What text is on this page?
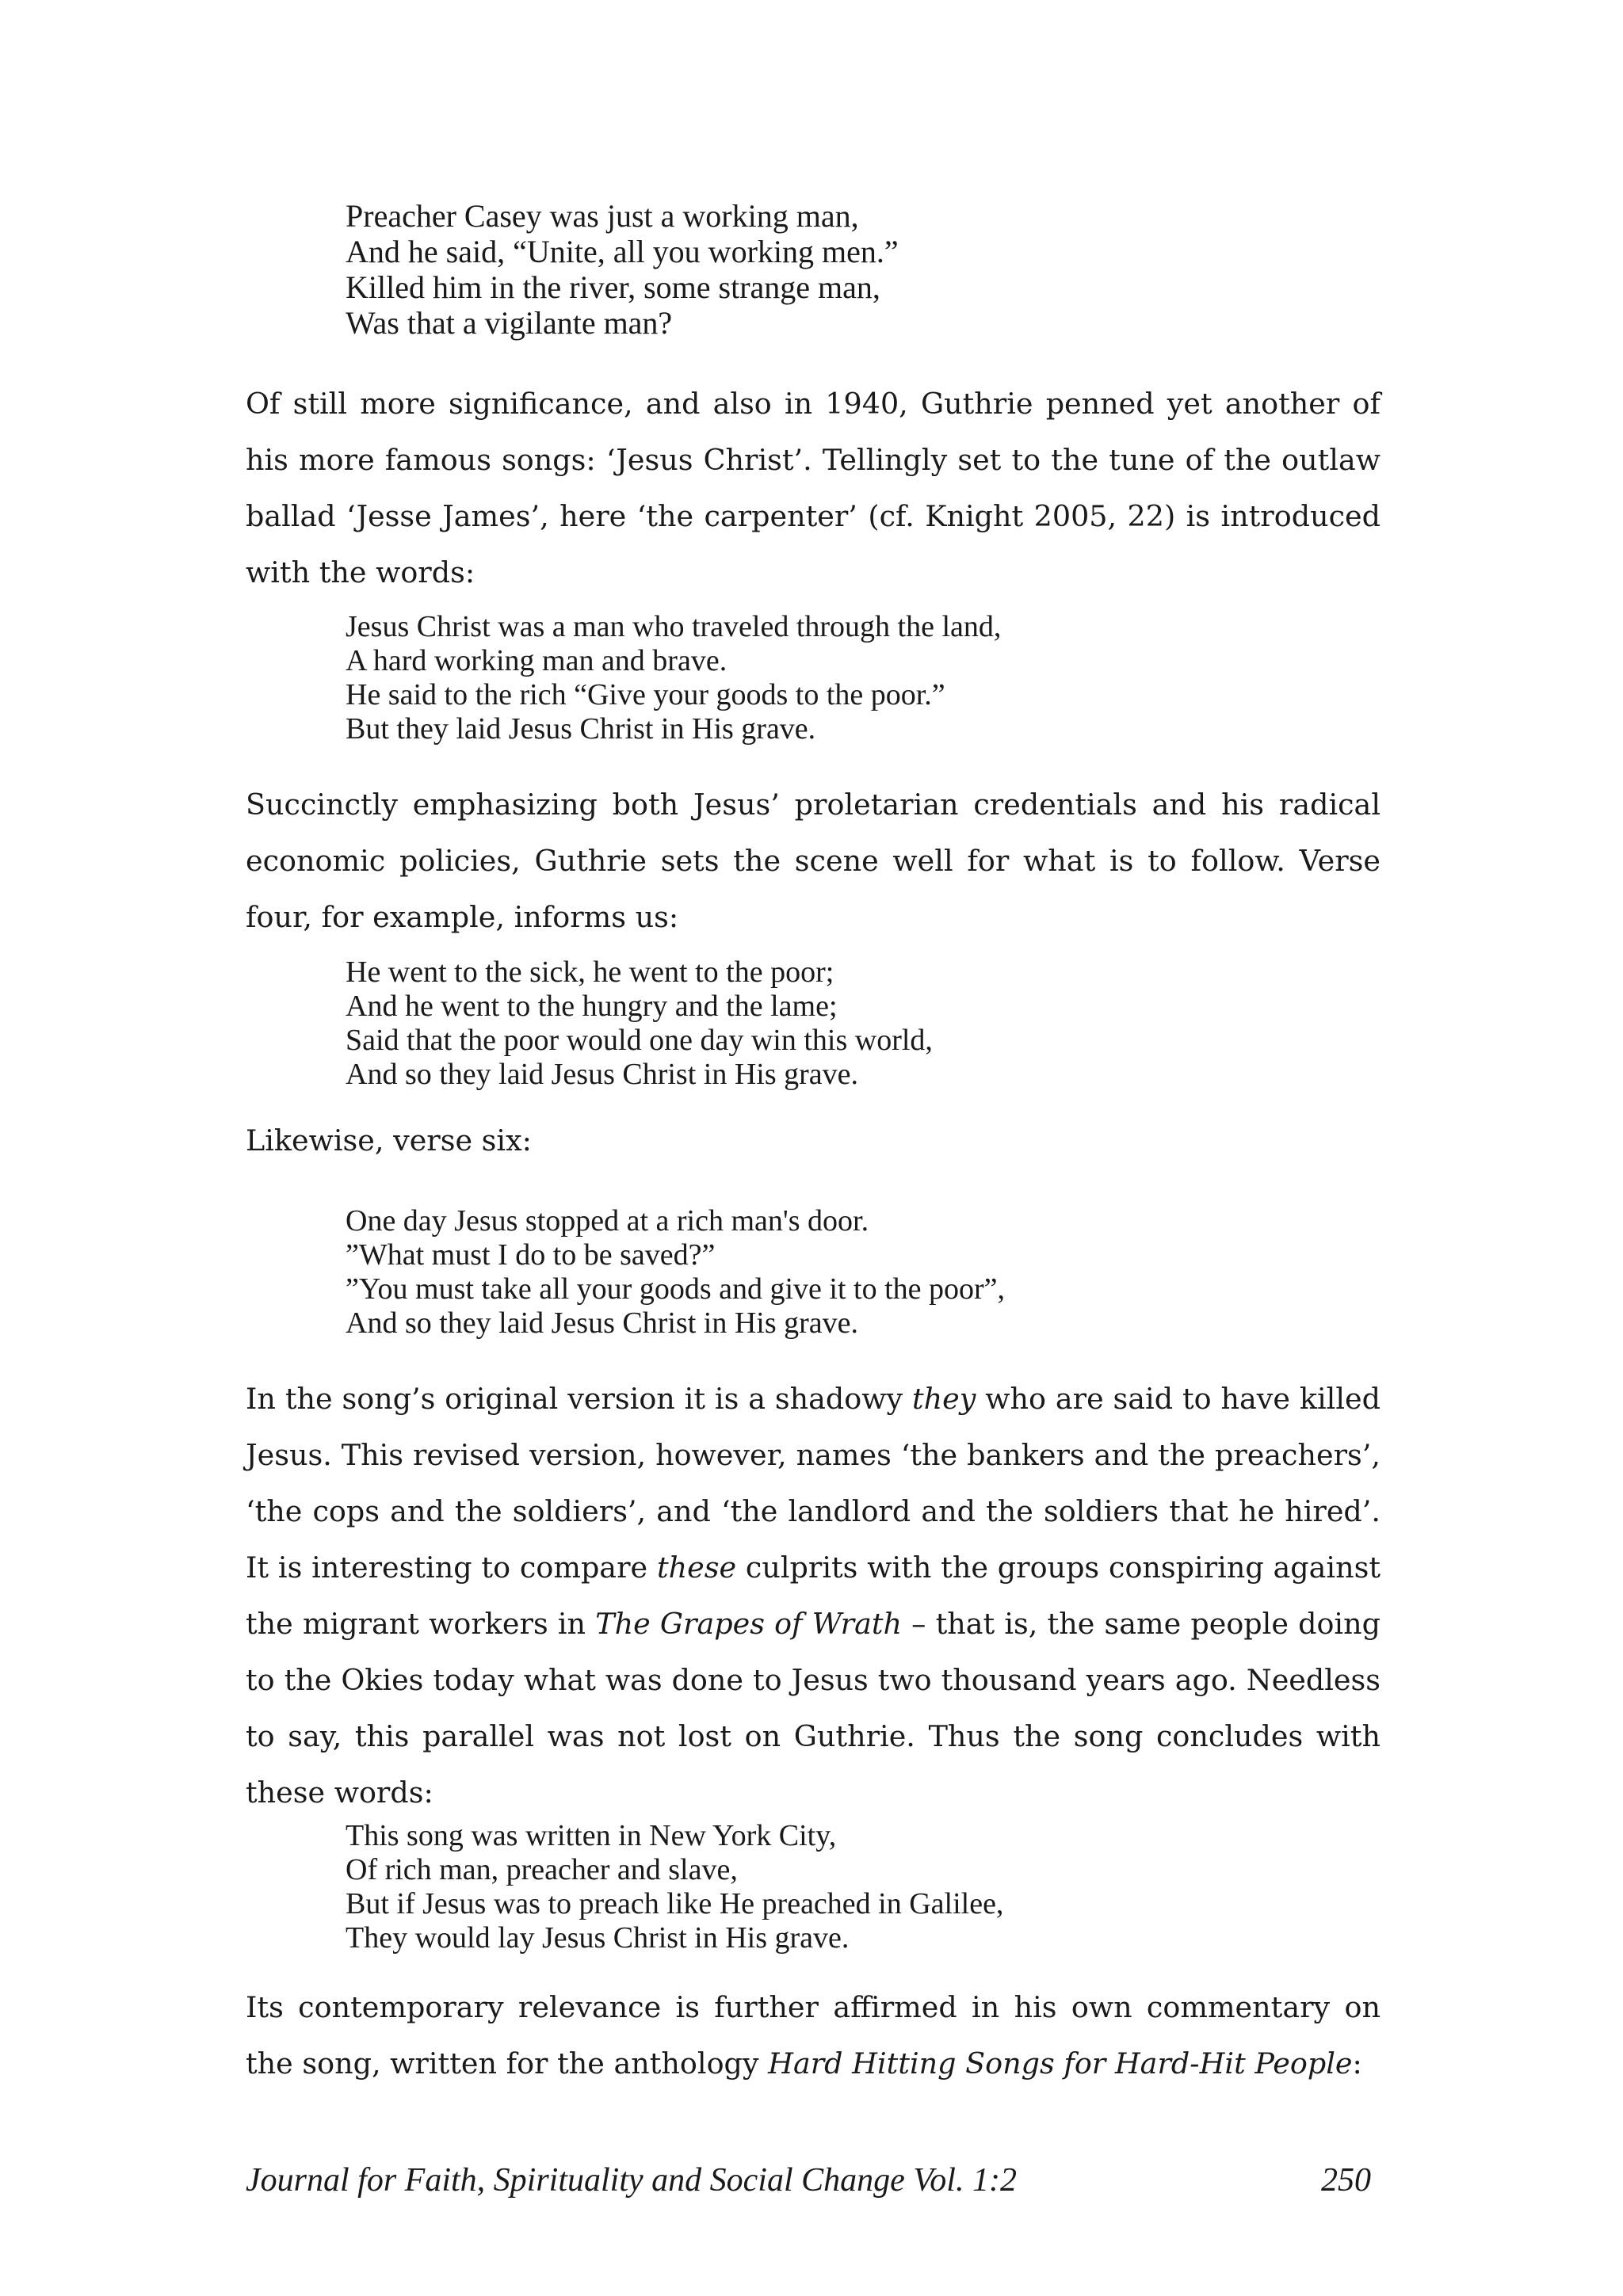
Preacher Casey was just a working man,
And he said, “Unite, all you working men.”
Killed him in the river, some strange man,
Was that a vigilante man?

Of still more significance, and also in 1940, Guthrie penned yet another of his more famous songs: ‘Jesus Christ’. Tellingly set to the tune of the outlaw ballad ‘Jesse James’, here ‘the carpenter’ (cf. Knight 2005, 22) is introduced with the words:

Jesus Christ was a man who traveled through the land,
A hard working man and brave.
He said to the rich “Give your goods to the poor.”
But they laid Jesus Christ in His grave.

Succinctly emphasizing both Jesus’ proletarian credentials and his radical economic policies, Guthrie sets the scene well for what is to follow. Verse four, for example, informs us:

He went to the sick, he went to the poor;
And he went to the hungry and the lame;
Said that the poor would one day win this world,
And so they laid Jesus Christ in His grave.

Likewise, verse six:

One day Jesus stopped at a rich man's door.
”What must I do to be saved?”
”You must take all your goods and give it to the poor”,
And so they laid Jesus Christ in His grave.

In the song’s original version it is a shadowy they who are said to have killed Jesus. This revised version, however, names ‘the bankers and the preachers’, ‘the cops and the soldiers’, and ‘the landlord and the soldiers that he hired’. It is interesting to compare these culprits with the groups conspiring against the migrant workers in The Grapes of Wrath – that is, the same people doing to the Okies today what was done to Jesus two thousand years ago. Needless to say, this parallel was not lost on Guthrie. Thus the song concludes with these words:

This song was written in New York City,
Of rich man, preacher and slave,
But if Jesus was to preach like He preached in Galilee,
They would lay Jesus Christ in His grave.

Its contemporary relevance is further affirmed in his own commentary on the song, written for the anthology Hard Hitting Songs for Hard-Hit People:

Journal for Faith, Spirituality and Social Change Vol. 1:2	250
